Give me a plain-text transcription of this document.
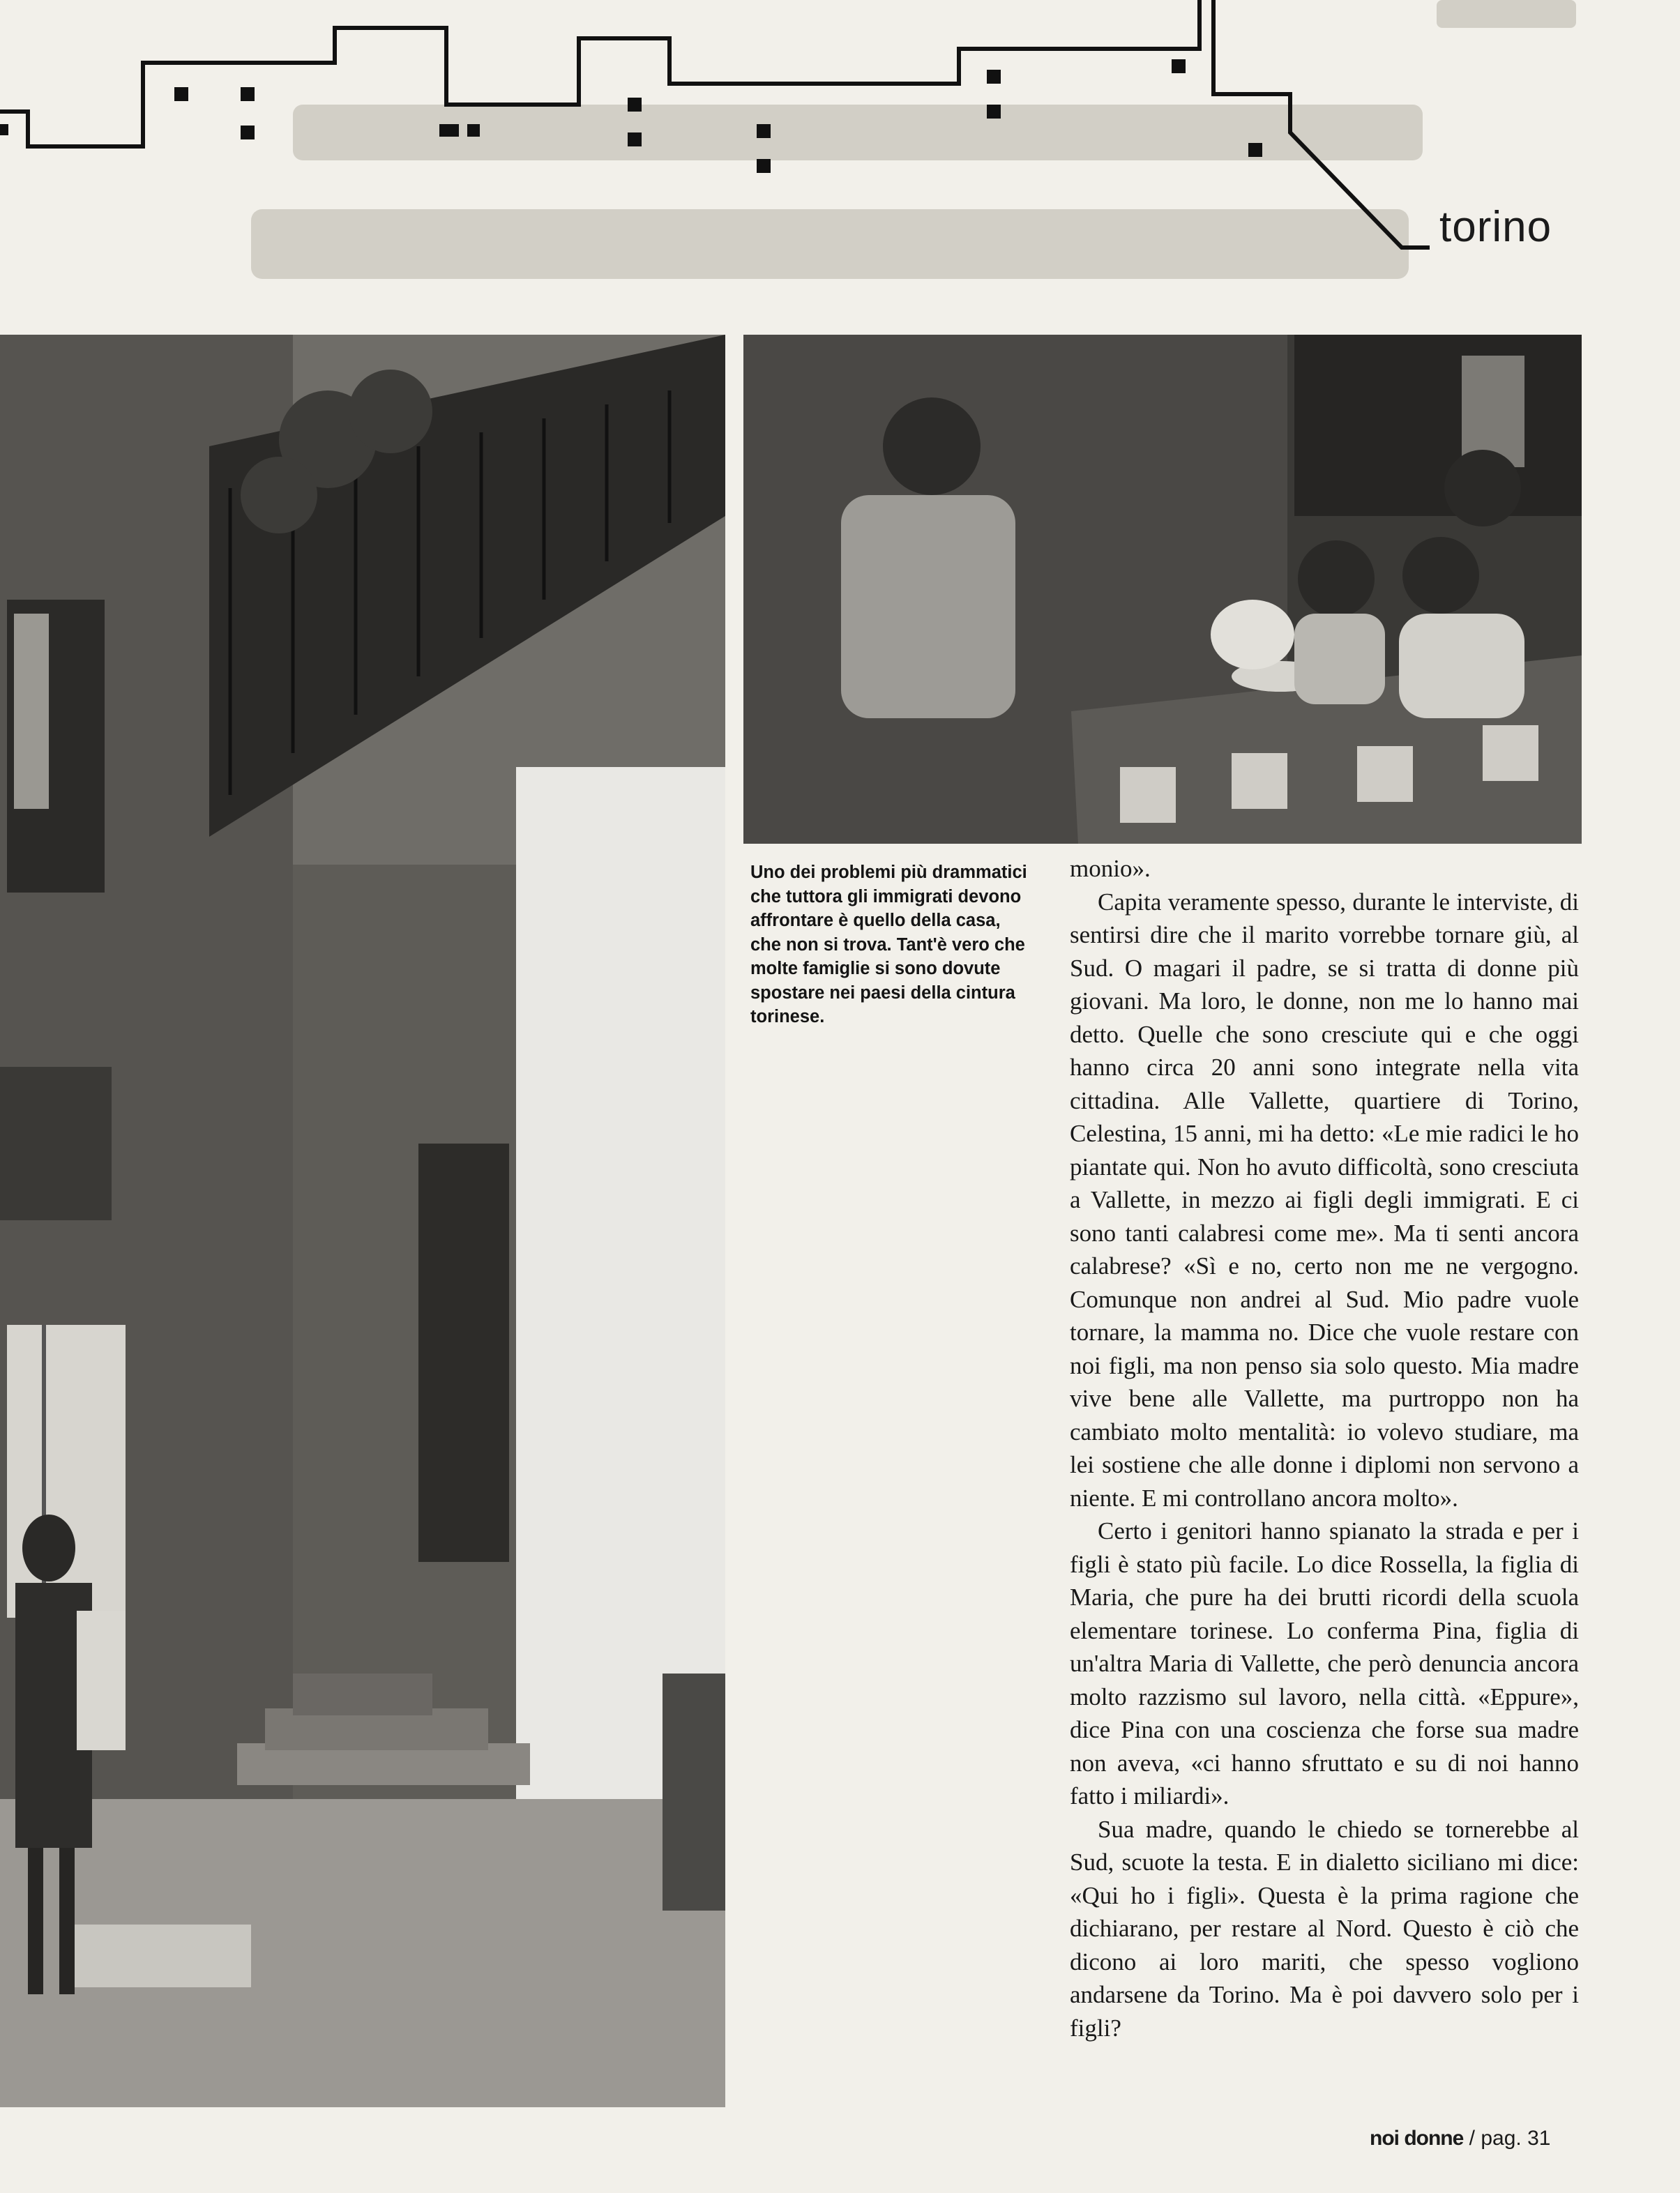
torino
Uno dei problemi più drammatici che tuttora gli immigrati devono affrontare è quello della casa, che non si trova. Tant'è vero che molte famiglie si sono dovute spostare nei paesi della cintura torinese.

monio».

Capita veramente spesso, durante le interviste, di sentirsi dire che il marito vorrebbe tornare giù, al Sud. O magari il padre, se si tratta di donne più giovani. Ma loro, le donne, non me lo hanno mai detto. Quelle che sono cresciute qui e che oggi hanno circa 20 anni sono integrate nella vita cittadina. Alle Vallette, quartiere di Torino, Celestina, 15 anni, mi ha detto: «Le mie radici le ho piantate qui. Non ho avuto difficoltà, sono cresciuta a Vallette, in mezzo ai figli degli immigrati. E ci sono tanti calabresi come me». Ma ti senti ancora calabrese? «Sì e no, certo non me ne vergogno. Comunque non andrei al Sud. Mio padre vuole tornare, la mamma no. Dice che vuole restare con noi figli, ma non penso sia solo questo. Mia madre vive bene alle Vallette, ma purtroppo non ha cambiato molto mentalità: io volevo studiare, ma lei sostiene che alle donne i diplomi non servono a niente. E mi controllano ancora molto».

Certo i genitori hanno spianato la strada e per i figli è stato più facile. Lo dice Rossella, la figlia di Maria, che pure ha dei brutti ricordi della scuola elementare torinese. Lo conferma Pina, figlia di un'altra Maria di Vallette, che però denuncia ancora molto razzismo sul lavoro, nella città. «Eppure», dice Pina con una coscienza che forse sua madre non aveva, «ci hanno sfruttato e su di noi hanno fatto i miliardi».

Sua madre, quando le chiedo se tornerebbe al Sud, scuote la testa. E in dialetto siciliano mi dice: «Qui ho i figli». Questa è la prima ragione che dichiarano, per restare al Nord. Questo è ciò che dicono ai loro mariti, che spesso vogliono andarsene da Torino. Ma è poi davvero solo per i figli?

noi donne / pag. 31
